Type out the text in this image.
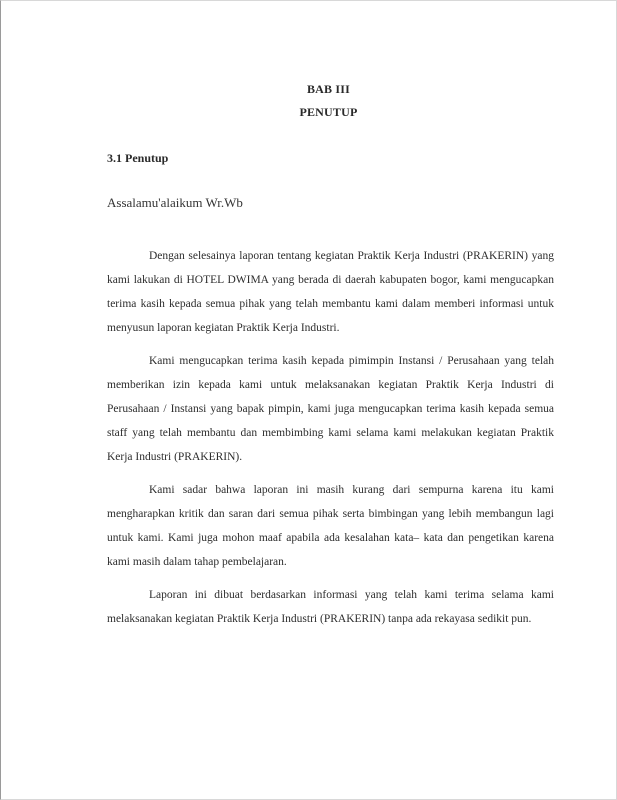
BAB III
PENUTUP
3.1 Penutup
Assalamu'alaikum Wr.Wb

Dengan selesainya laporan tentang kegiatan Praktik Kerja Industri (PRAKERIN) yang kami lakukan di HOTEL DWIMA yang berada di daerah kabupaten bogor, kami mengucapkan terima kasih kepada semua pihak yang telah membantu kami dalam memberi informasi untuk menyusun laporan kegiatan Praktik Kerja Industri.

Kami mengucapkan terima kasih kepada pimimpin Instansi / Perusahaan yang telah memberikan izin kepada kami untuk melaksanakan kegiatan Praktik Kerja Industri di Perusahaan / Instansi yang bapak pimpin, kami juga mengucapkan terima kasih kepada semua staff yang telah membantu dan membimbing kami selama kami melakukan kegiatan Praktik Kerja Industri (PRAKERIN).

Kami sadar bahwa laporan ini masih kurang dari sempurna karena itu kami mengharapkan kritik dan saran dari semua pihak serta bimbingan yang lebih membangun lagi untuk kami. Kami juga mohon maaf apabila ada kesalahan kata– kata dan pengetikan karena kami masih dalam tahap pembelajaran.

Laporan ini dibuat berdasarkan informasi yang telah kami terima selama kami melaksanakan kegiatan Praktik Kerja Industri (PRAKERIN) tanpa ada rekayasa sedikit pun.
